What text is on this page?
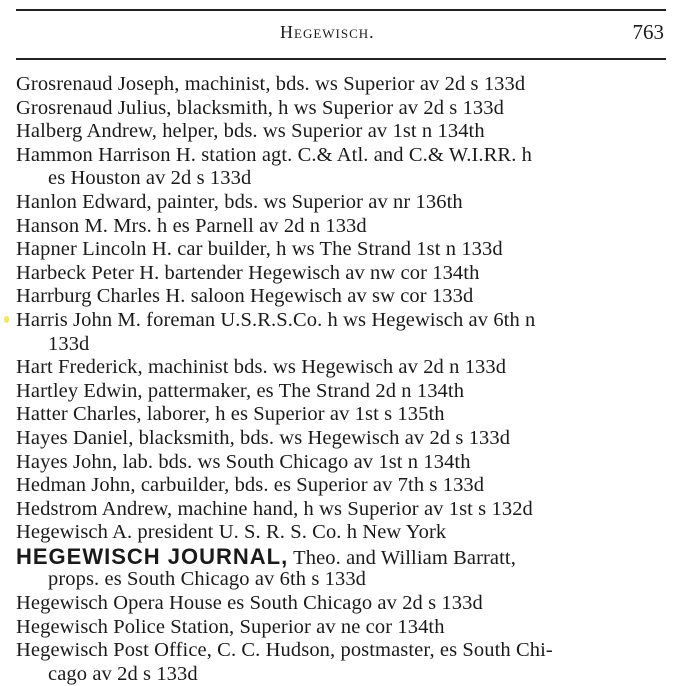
Hegewisch.	763
Grosrenaud Joseph, machinist, bds. ws Superior av 2d s 133d
Grosrenaud Julius, blacksmith, h ws Superior av 2d s 133d
Halberg Andrew, helper, bds. ws Superior av 1st n 134th
Hammon Harrison H. station agt. C.& Atl. and C.& W.I.RR. h
es Houston av 2d s 133d
Hanlon Edward, painter, bds. ws Superior av nr 136th
Hanson M. Mrs. h es Parnell av 2d n 133d
Hapner Lincoln H. car builder, h ws The Strand 1st n 133d
Harbeck Peter H. bartender Hegewisch av nw cor 134th
Harrburg Charles H. saloon Hegewisch av sw cor 133d
Harris John M. foreman U.S.R.S.Co. h ws Hegewisch av 6th n
133d
Hart Frederick, machinist bds. ws Hegewisch av 2d n 133d
Hartley Edwin, pattermaker, es The Strand 2d n 134th
Hatter Charles, laborer, h es Superior av 1st s 135th
Hayes Daniel, blacksmith, bds. ws Hegewisch av 2d s 133d
Hayes John, lab. bds. ws South Chicago av 1st n 134th
Hedman John, carbuilder, bds. es Superior av 7th s 133d
Hedstrom Andrew, machine hand, h ws Superior av 1st s 132d
Hegewisch A. president U. S. R. S. Co. h New York
HEGEWISCH JOURNAL, Theo. and William Barratt,
props. es South Chicago av 6th s 133d
Hegewisch Opera House es South Chicago av 2d s 133d
Hegewisch Police Station, Superior av ne cor 134th
Hegewisch Post Office, C. C. Hudson, postmaster, es South Chi-
cago av 2d s 133d
